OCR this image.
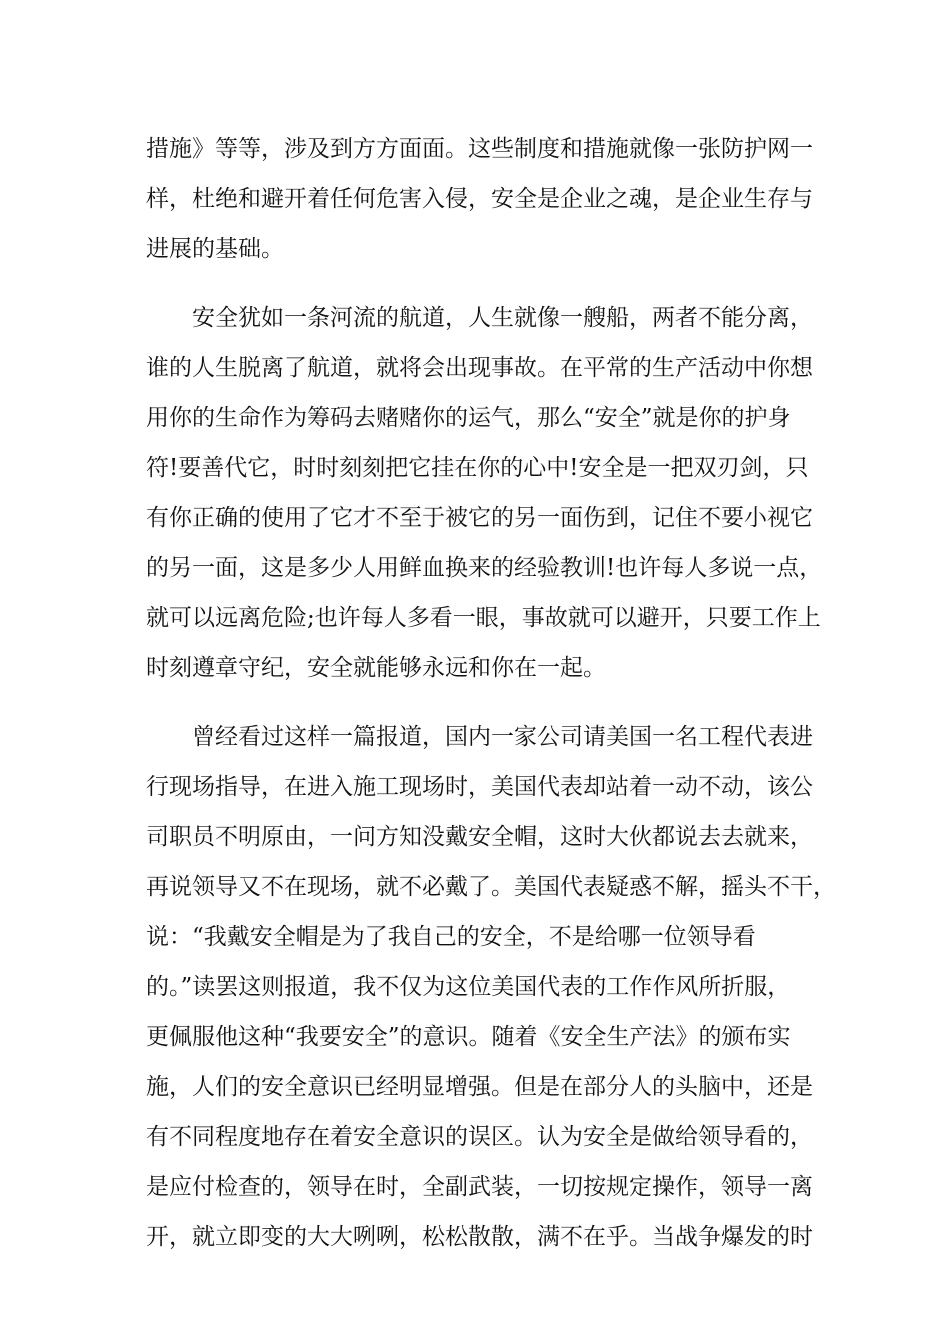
措施》等等，涉及到方方面面。这些制度和措施就像一张防护网一
样，杜绝和避开着任何危害入侵，安全是企业之魂，是企业生存与
进展的基础。
安全犹如一条河流的航道，人生就像一艘船，两者不能分离，
谁的人生脱离了航道，就将会出现事故。在平常的生产活动中你想
用你的生命作为筹码去赌赌你的运气，那么“安全”就是你的护身
符!要善代它，时时刻刻把它挂在你的心中!安全是一把双刃剑，只
有你正确的使用了它才不至于被它的另一面伤到，记住不要小视它
的另一面，这是多少人用鲜血换来的经验教训!也许每人多说一点，
就可以远离危险;也许每人多看一眼，事故就可以避开，只要工作上
时刻遵章守纪，安全就能够永远和你在一起。
曾经看过这样一篇报道，国内一家公司请美国一名工程代表进
行现场指导，在进入施工现场时，美国代表却站着一动不动，该公
司职员不明原由，一问方知没戴安全帽，这时大伙都说去去就来，
再说领导又不在现场，就不必戴了。美国代表疑惑不解，摇头不干，
说：“我戴安全帽是为了我自己的安全，不是给哪一位领导看
的。”读罢这则报道，我不仅为这位美国代表的工作作风所折服，
更佩服他这种“我要安全”的意识。随着《安全生产法》的颁布实
施，人们的安全意识已经明显增强。但是在部分人的头脑中，还是
有不同程度地存在着安全意识的误区。认为安全是做给领导看的，
是应付检查的，领导在时，全副武装，一切按规定操作，领导一离
开，就立即变的大大咧咧，松松散散，满不在乎。当战争爆发的时
